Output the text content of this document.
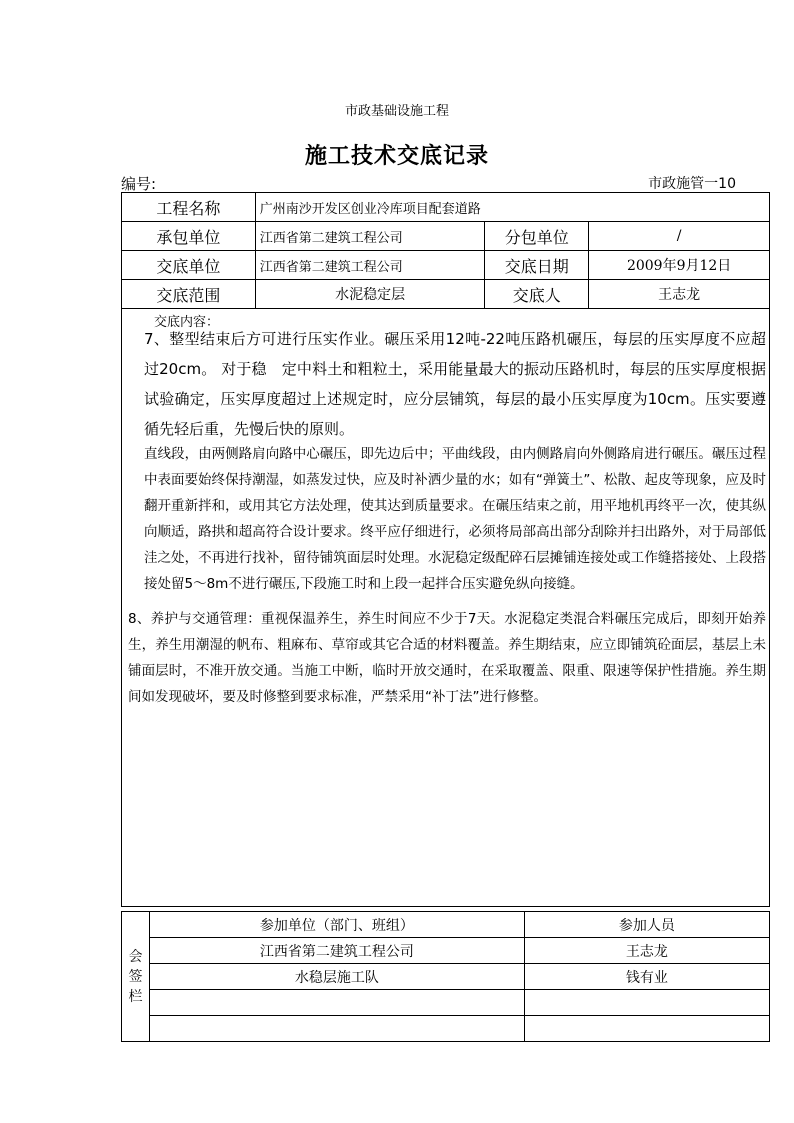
市政基础设施工程
施工技术交底记录
编号:	市政施管一10
工程名称	广州南沙开发区创业冷库项目配套道路		
承包单位	江西省第二建筑工程公司	分包单位	/
交底单位	江西省第二建筑工程公司	交底日期	2009年9月12日
交底范围	水泥稳定层	交底人	王志龙

交底内容：
7、整型结束后方可进行压实作业。碾压采用12吨-22吨压路机碾压，每层的压实厚度不应超过20cm。 对于稳　定中料土和粗粒土，采用能量最大的振动压路机时，每层的压实厚度根据试验确定，压实厚度超过上述规定时，应分层铺筑，每层的最小压实厚度为10cm。压实要遵循先轻后重，先慢后快的原则。
直线段，由两侧路肩向路中心碾压，即先边后中；平曲线段，由内侧路肩向外侧路肩进行碾压。碾压过程中表面要始终保持潮湿，如蒸发过快，应及时补洒少量的水；如有“弹簧土”、松散、起皮等现象，应及时翻开重新拌和，或用其它方法处理，使其达到质量要求。在碾压结束之前，用平地机再终平一次，使其纵向顺适，路拱和超高符合设计要求。终平应仔细进行，必须将局部高出部分刮除并扫出路外，对于局部低洼之处，不再进行找补，留待铺筑面层时处理。水泥稳定级配碎石层摊铺连接处或工作缝搭接处、上段搭接处留5～8m不进行碾压,下段施工时和上段一起拌合压实避免纵向接缝。
8、养护与交通管理：重视保温养生，养生时间应不少于7天。水泥稳定类混合料碾压完成后，即刻开始养生，养生用潮湿的帆布、粗麻布、草帘或其它合适的材料覆盖。养生期结束，应立即铺筑砼面层，基层上未铺面层时，不准开放交通。当施工中断，临时开放交通时，在采取覆盖、限重、限速等保护性措施。养生期间如发现破坏，要及时修整到要求标准，严禁采用“补丁法”进行修整。			
会签栏	参加单位（部门、班组）	参加人员
	江西省第二建筑工程公司	王志龙
	水稳层施工队	钱有业
